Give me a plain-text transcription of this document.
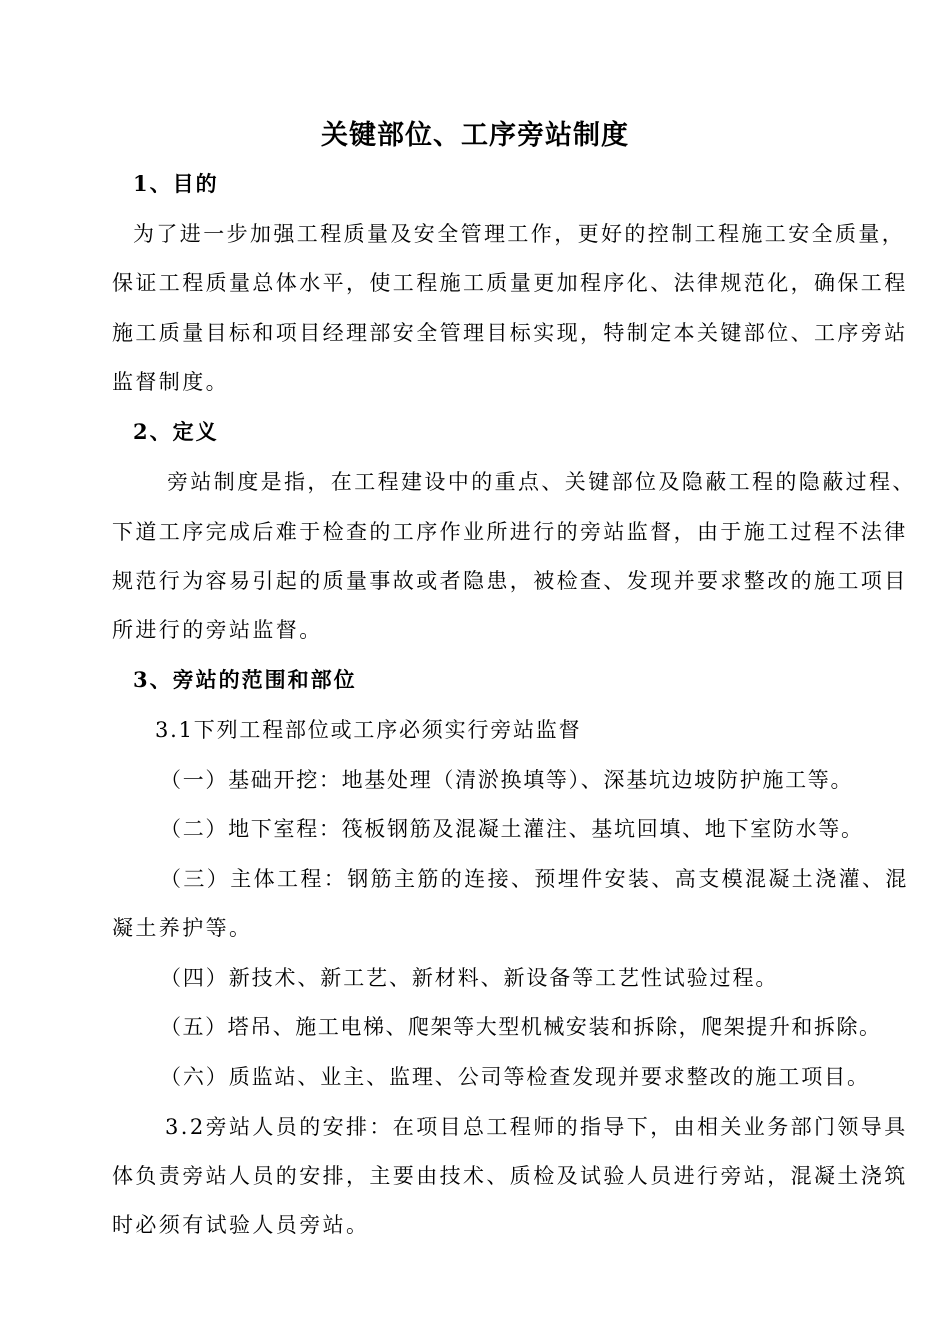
关键部位、工序旁站制度
1、目的
为了进一步加强工程质量及安全管理工作，更好的控制工程施工安全质量，
保证工程质量总体水平，使工程施工质量更加程序化、法律规范化，确保工程
施工质量目标和项目经理部安全管理目标实现，特制定本关键部位、工序旁站
监督制度。
2、定义
旁站制度是指，在工程建设中的重点、关键部位及隐蔽工程的隐蔽过程、
下道工序完成后难于检查的工序作业所进行的旁站监督，由于施工过程不法律
规范行为容易引起的质量事故或者隐患，被检查、发现并要求整改的施工项目
所进行的旁站监督。
3、旁站的范围和部位
3.1下列工程部位或工序必须实行旁站监督
（一）基础开挖：地基处理（清淤换填等）、深基坑边坡防护施工等。
（二）地下室程：筏板钢筋及混凝土灌注、基坑回填、地下室防水等。
（三）主体工程：钢筋主筋的连接、预埋件安装、高支模混凝土浇灌、混
凝土养护等。
（四）新技术、新工艺、新材料、新设备等工艺性试验过程。
（五）塔吊、施工电梯、爬架等大型机械安装和拆除，爬架提升和拆除。
（六）质监站、业主、监理、公司等检查发现并要求整改的施工项目。
3.2旁站人员的安排：在项目总工程师的指导下，由相关业务部门领导具
体负责旁站人员的安排，主要由技术、质检及试验人员进行旁站，混凝土浇筑
时必须有试验人员旁站。
